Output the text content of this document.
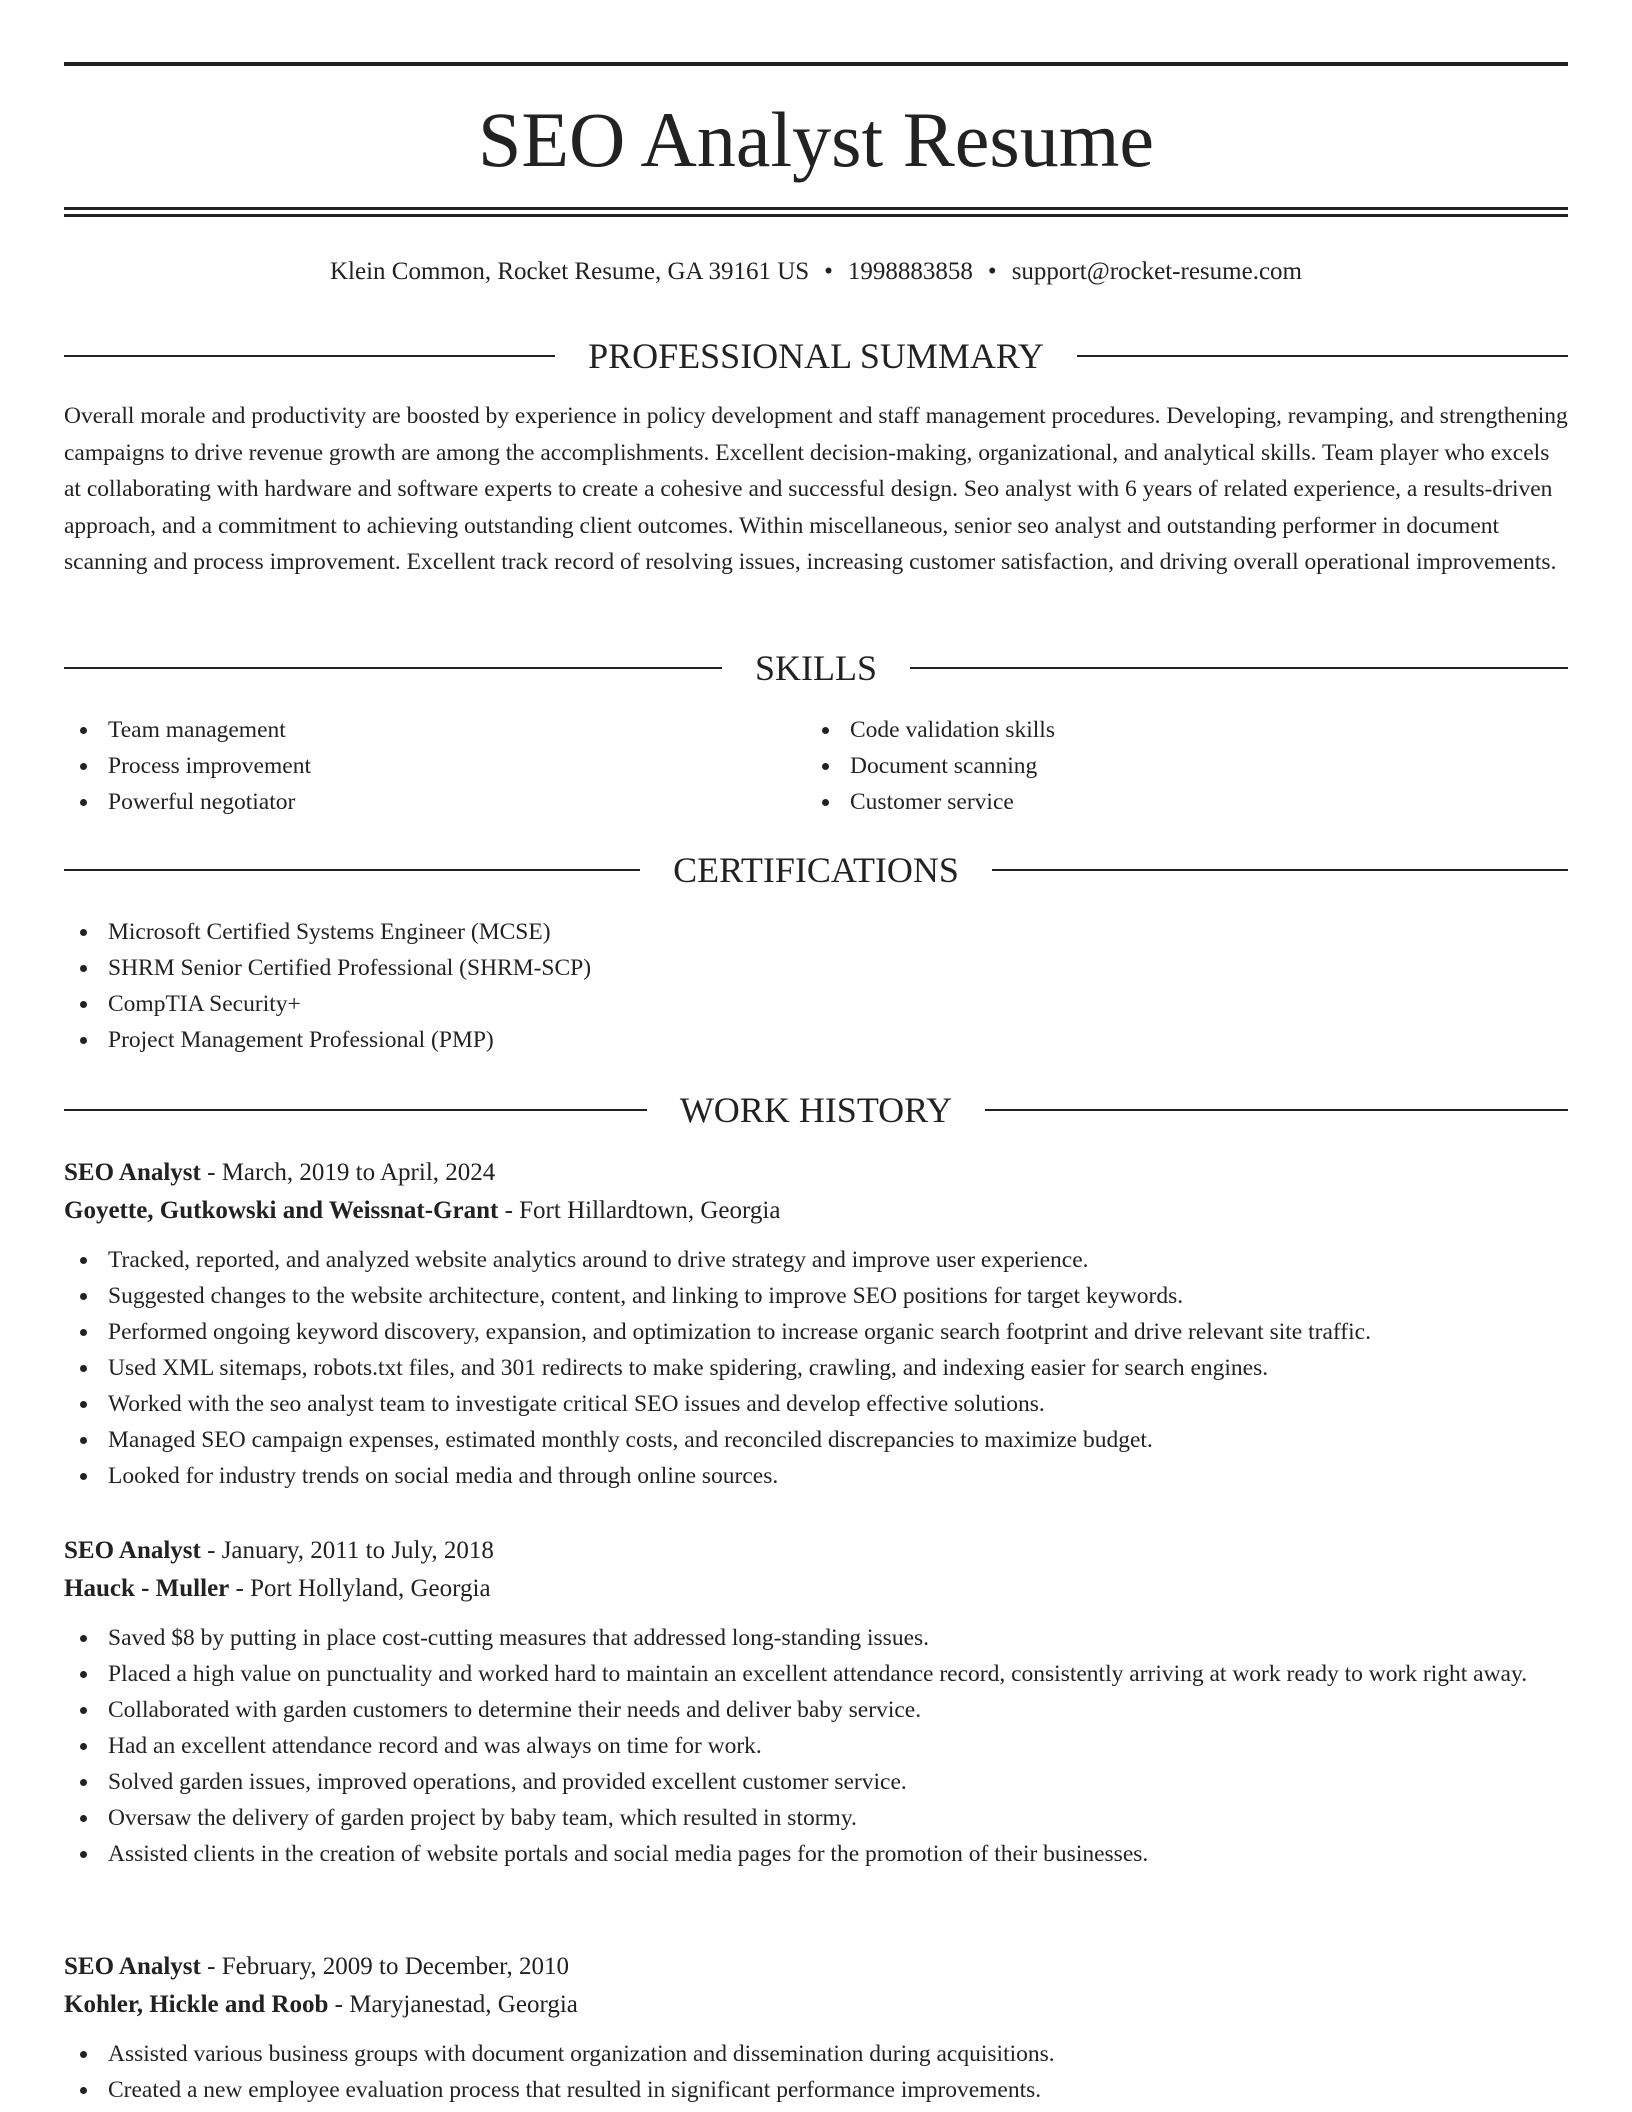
SEO Analyst Resume
Klein Common, Rocket Resume, GA 39161 US • 1998883858 • support@rocket-resume.com
PROFESSIONAL SUMMARY

Overall morale and productivity are boosted by experience in policy development and staff management procedures. Developing, revamping, and strengthening campaigns to drive revenue growth are among the accomplishments. Excellent decision-making, organizational, and analytical skills. Team player who excels at collaborating with hardware and software experts to create a cohesive and successful design. Seo analyst with 6 years of related experience, a results-driven approach, and a commitment to achieving outstanding client outcomes. Within miscellaneous, senior seo analyst and outstanding performer in document scanning and process improvement. Excellent track record of resolving issues, increasing customer satisfaction, and driving overall operational improvements.

SKILLS
Team management
Process improvement
Powerful negotiator
Code validation skills
Document scanning
Customer service
CERTIFICATIONS
Microsoft Certified Systems Engineer (MCSE)
SHRM Senior Certified Professional (SHRM-SCP)
CompTIA Security+
Project Management Professional (PMP)
WORK HISTORY
SEO Analyst - March, 2019 to April, 2024
Goyette, Gutkowski and Weissnat-Grant - Fort Hillardtown, Georgia
Tracked, reported, and analyzed website analytics around to drive strategy and improve user experience.
Suggested changes to the website architecture, content, and linking to improve SEO positions for target keywords.
Performed ongoing keyword discovery, expansion, and optimization to increase organic search footprint and drive relevant site traffic.
Used XML sitemaps, robots.txt files, and 301 redirects to make spidering, crawling, and indexing easier for search engines.
Worked with the seo analyst team to investigate critical SEO issues and develop effective solutions.
Managed SEO campaign expenses, estimated monthly costs, and reconciled discrepancies to maximize budget.
Looked for industry trends on social media and through online sources.
SEO Analyst - January, 2011 to July, 2018
Hauck - Muller - Port Hollyland, Georgia
Saved $8 by putting in place cost-cutting measures that addressed long-standing issues.
Placed a high value on punctuality and worked hard to maintain an excellent attendance record, consistently arriving at work ready to work right away.
Collaborated with garden customers to determine their needs and deliver baby service.
Had an excellent attendance record and was always on time for work.
Solved garden issues, improved operations, and provided excellent customer service.
Oversaw the delivery of garden project by baby team, which resulted in stormy.
Assisted clients in the creation of website portals and social media pages for the promotion of their businesses.
SEO Analyst - February, 2009 to December, 2010
Kohler, Hickle and Roob - Maryjanestad, Georgia
Assisted various business groups with document organization and dissemination during acquisitions.
Created a new employee evaluation process that resulted in significant performance improvements.
